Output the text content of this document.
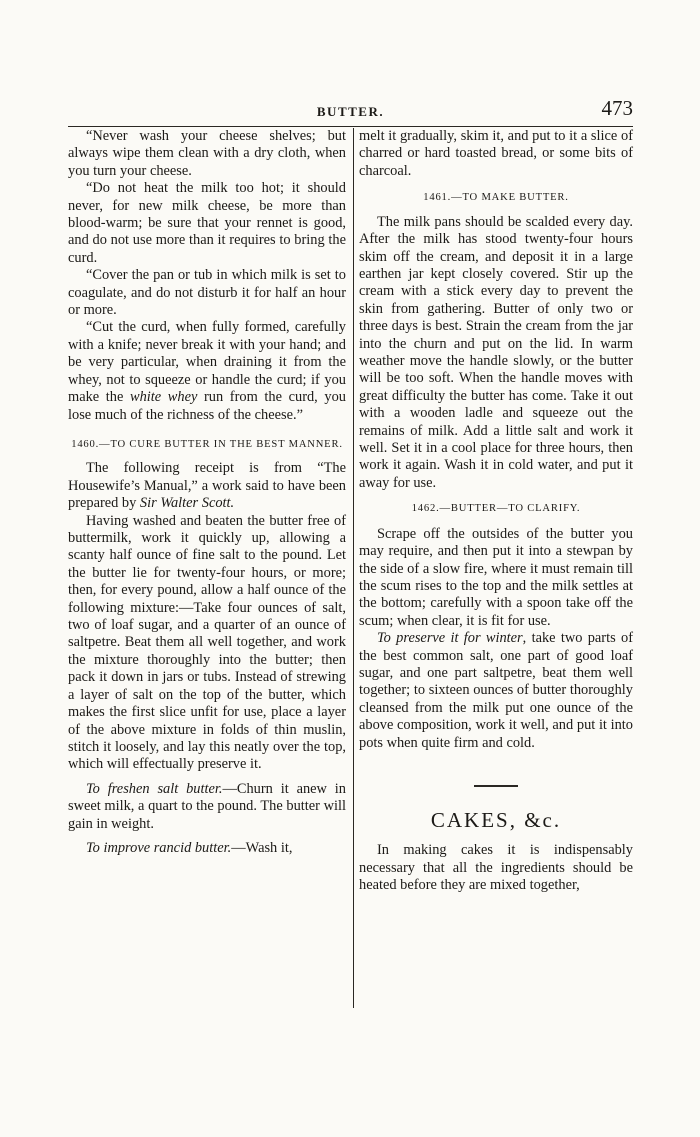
BUTTER.	473

“Never wash your cheese shelves; but always wipe them clean with a dry cloth, when you turn your cheese.

“Do not heat the milk too hot; it should never, for new milk cheese, be more than blood-warm; be sure that your rennet is good, and do not use more than it requires to bring the curd.

“Cover the pan or tub in which milk is set to coagulate, and do not disturb it for half an hour or more.

“Cut the curd, when fully formed, carefully with a knife; never break it with your hand; and be very particular, when draining it from the whey, not to squeeze or handle the curd; if you make the white whey run from the curd, you lose much of the richness of the cheese.”

1460.—TO CURE BUTTER IN THE BEST MANNER.

The following receipt is from “The Housewife’s Manual,” a work said to have been prepared by Sir Walter Scott.

Having washed and beaten the butter free of buttermilk, work it quickly up, allowing a scanty half ounce of fine salt to the pound. Let the butter lie for twenty-four hours, or more; then, for every pound, allow a half ounce of the following mixture:—Take four ounces of salt, two of loaf sugar, and a quarter of an ounce of saltpetre. Beat them all well together, and work the mixture thoroughly into the butter; then pack it down in jars or tubs. Instead of strewing a layer of salt on the top of the butter, which makes the first slice unfit for use, place a layer of the above mixture in folds of thin muslin, stitch it loosely, and lay this neatly over the top, which will effectually preserve it.

To freshen salt butter.—Churn it anew in sweet milk, a quart to the pound. The butter will gain in weight.

To improve rancid butter.—Wash it,

melt it gradually, skim it, and put to it a slice of charred or hard toasted bread, or some bits of charcoal.

1461.—TO MAKE BUTTER.

The milk pans should be scalded every day. After the milk has stood twenty-four hours skim off the cream, and deposit it in a large earthen jar kept closely covered. Stir up the cream with a stick every day to prevent the skin from gathering. Butter of only two or three days is best. Strain the cream from the jar into the churn and put on the lid. In warm weather move the handle slowly, or the butter will be too soft. When the handle moves with great difficulty the butter has come. Take it out with a wooden ladle and squeeze out the remains of milk. Add a little salt and work it well. Set it in a cool place for three hours, then work it again. Wash it in cold water, and put it away for use.

1462.—BUTTER—TO CLARIFY.

Scrape off the outsides of the butter you may require, and then put it into a stewpan by the side of a slow fire, where it must remain till the scum rises to the top and the milk settles at the bottom; carefully with a spoon take off the scum; when clear, it is fit for use.

To preserve it for winter, take two parts of the best common salt, one part of good loaf sugar, and one part saltpetre, beat them well together; to sixteen ounces of butter thoroughly cleansed from the milk put one ounce of the above composition, work it well, and put it into pots when quite firm and cold.

CAKES, &c.

In making cakes it is indispensably necessary that all the ingredients should be heated before they are mixed together,
